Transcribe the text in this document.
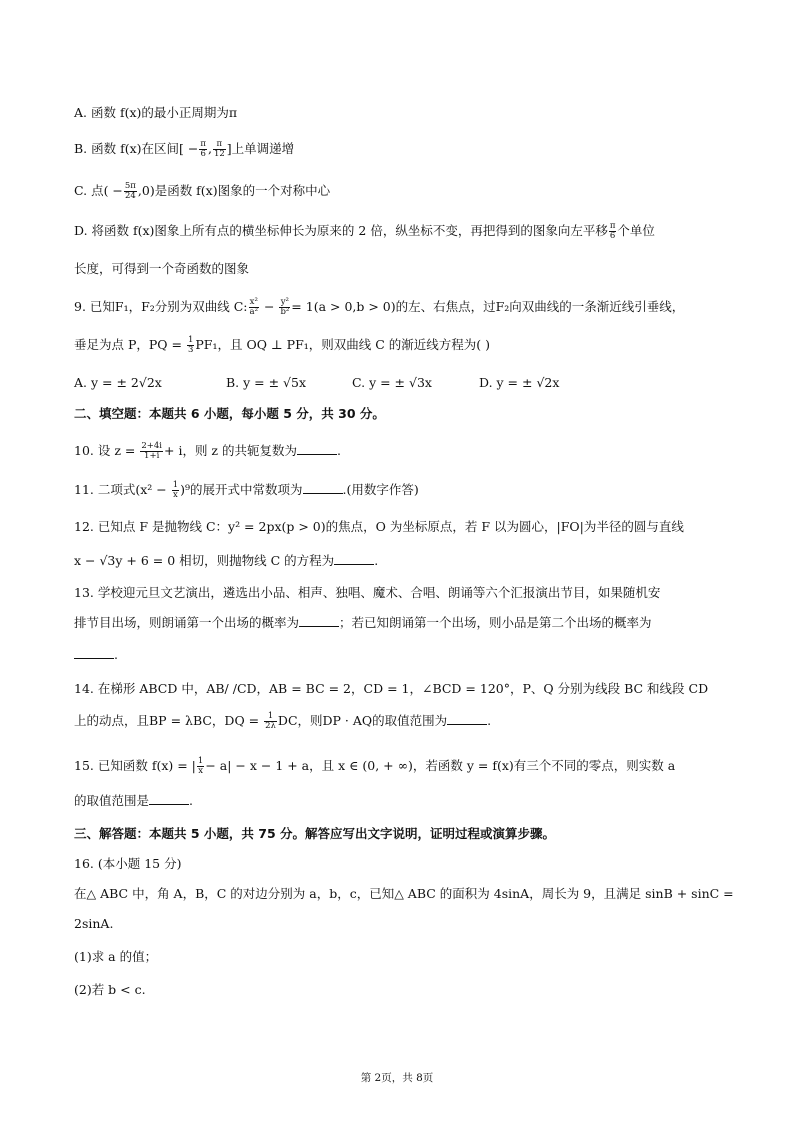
A. 函数 f(x)的最小正周期为π
B. 函数 f(x)在区间[ − $\frac{\pi}{6}$ , $\frac{\pi}{12}$ ]上单调递增
C. 点( − $\frac{5\pi}{24} ,0$)是函数 f(x)图象的一个对称中心
D. 将函数 f(x)图象上所有点的横坐标伸长为原来的 2 倍，纵坐标不变，再把得到的图象向左平移 $\frac{\pi}{6}$ 个单位
长度，可得到一个奇函数的图象
9. 已知F₁，F₂分别为双曲线 C: $\frac{\text{x²}}{\text{a²}} - \frac{\text{y²}}{\text{b²}} = 1(a > 0,b > 0)$的左、右焦点，过F₂向双曲线的一条渐近线引垂线，
垂足为点 P，PQ = $\frac{1}{3} PF_1$，且 OQ ⊥ PF₁，则双曲线 C 的渐近线方程为( )
A. y = ± 2√2x	B. y = ± √5x	C. y = ± √3x	D. y = ± √2x
二、填空题：本题共 6 小题，每小题 5 分，共 30 分。
10. 设 $z = \frac{2+4i}{1+i} + i$，则 z 的共轭复数为	.
11. 二项式$(x^2 - \frac{1}{x} )^9$的展开式中常数项为	.(用数字作答)
12. 已知点 F 是抛物线 C：y² = 2px(p > 0)的焦点，O 为坐标原点，若 F 以为圆心，|FO|为半径的圆与直线
x − √3y + 6 = 0 相切，则抛物线 C 的方程为	.
13. 学校迎元旦文艺演出，遴选出小品、相声、独唱、魔术、合唱、朗诵等六个汇报演出节目，如果随机安
排节目出场，则朗诵第一个出场的概率为	；若已知朗诵第一个出场，则小品是第二个出场的概率为
.
14. 在梯形 ABCD 中，AB/ /CD，AB = BC = 2，CD = 1，∠BCD = 120°，P、Q 分别为线段 BC 和线段 CD
上的动点，且BP = λBC，DQ = $\frac{1}{2\lambda}$ DC，则DP · AQ的取值范围为	.
15. 已知函数 f(x) = | $\frac{1}{x} - a| - x - 1 + a$，且 x ∈ (0, + ∞)，若函数 y = f(x)有三个不同的零点，则实数 a
的取值范围是	.
三、解答题：本题共 5 小题，共 75 分。解答应写出文字说明，证明过程或演算步骤。
16. (本小题 15 分)
在△ ABC 中，角 A，B，C 的对边分别为 a，b，c，已知△ ABC 的面积为 4sinA，周长为 9，且满足 sinB + sinC =
2sinA.
(1)求 a 的值；
(2)若 b < c.
第 2页，共 8页
